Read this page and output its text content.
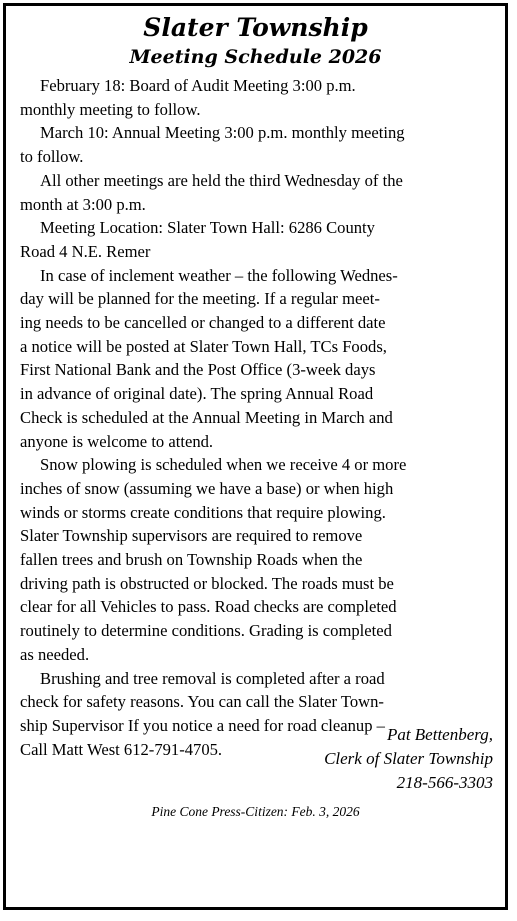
Slater Township
Meeting Schedule 2026
February 18: Board of Audit Meeting 3:00 p.m.
monthly meeting to follow.
March 10: Annual Meeting 3:00 p.m. monthly meeting
to follow.
All other meetings are held the third Wednesday of the
month at 3:00 p.m.
Meeting Location: Slater Town Hall: 6286 County
Road 4 N.E. Remer
In case of inclement weather – the following Wednes-
day will be planned for the meeting. If a regular meet-
ing needs to be cancelled or changed to a different date
a notice will be posted at Slater Town Hall, TCs Foods,
First National Bank and the Post Office (3-week days
in advance of original date). The spring Annual Road
Check is scheduled at the Annual Meeting in March and
anyone is welcome to attend.
Snow plowing is scheduled when we receive 4 or more
inches of snow (assuming we have a base) or when high
winds or storms create conditions that require plowing.
Slater Township supervisors are required to remove
fallen trees and brush on Township Roads when the
driving path is obstructed or blocked. The roads must be
clear for all Vehicles to pass. Road checks are completed
routinely to determine conditions. Grading is completed
as needed.
Brushing and tree removal is completed after a road
check for safety reasons. You can call the Slater Town-
ship Supervisor If you notice a need for road cleanup –
Call Matt West 612-791-4705.
Pat Bettenberg,
Clerk of Slater Township
218-566-3303
Pine Cone Press-Citizen: Feb. 3, 2026
